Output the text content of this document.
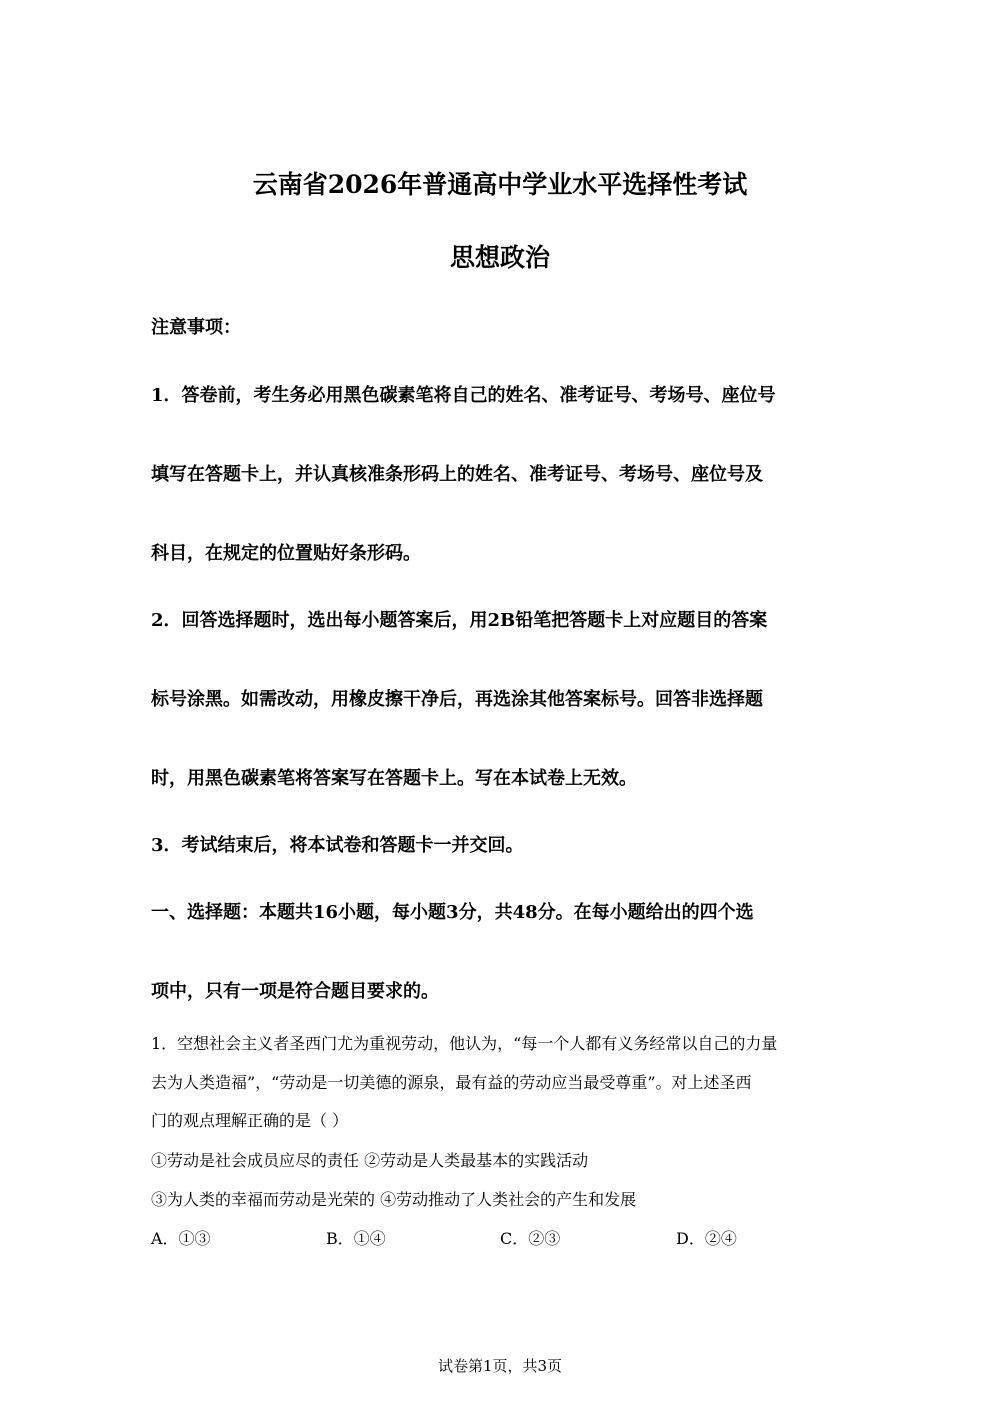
云南省2026年普通高中学业水平选择性考试
思想政治
注意事项：
1．答卷前，考生务必用黑色碳素笔将自己的姓名、准考证号、考场号、座位号
填写在答题卡上，并认真核准条形码上的姓名、准考证号、考场号、座位号及
科目，在规定的位置贴好条形码。
2．回答选择题时，选出每小题答案后，用2B铅笔把答题卡上对应题目的答案
标号涂黑。如需改动，用橡皮擦干净后，再选涂其他答案标号。回答非选择题
时，用黑色碳素笔将答案写在答题卡上。写在本试卷上无效。
3．考试结束后，将本试卷和答题卡一并交回。
一、选择题：本题共16小题，每小题3分，共48分。在每小题给出的四个选
项中，只有一项是符合题目要求的。
1．空想社会主义者圣西门尤为重视劳动，他认为，“每一个人都有义务经常以自己的力量
去为人类造福”，“劳动是一切美德的源泉，最有益的劳动应当最受尊重”。对上述圣西
门的观点理解正确的是（ ）
①劳动是社会成员应尽的责任 ②劳动是人类最基本的实践活动
③为人类的幸福而劳动是光荣的 ④劳动推动了人类社会的产生和发展
A．①③	B．①④	C．②③	D．②④
试卷第1页，共3页
